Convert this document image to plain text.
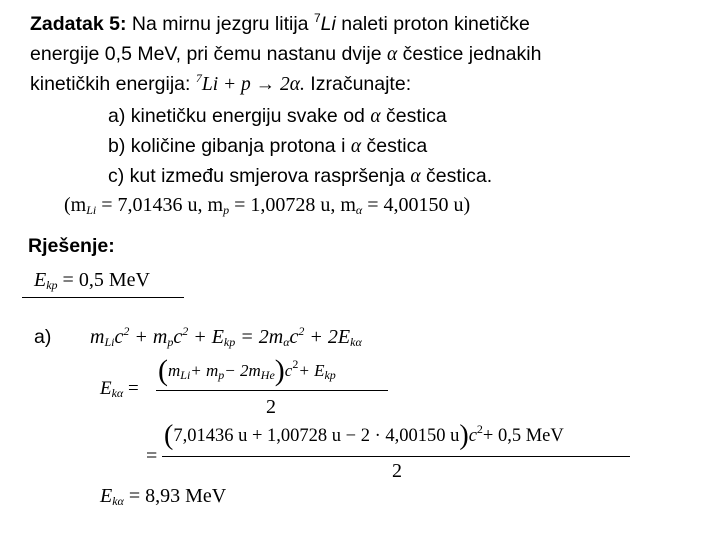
Zadatak 5: Na mirnu jezgru litija $^7$Li naleti proton kinetičke
energije 0,5 MeV, pri čemu nastanu dvije α čestice jednakih
kinetičkih energija: $^7$Li + p → 2α. Izračunajte:
a) kinetičku energiju svake od α čestica
b) količine gibanja protona i α čestica
c) kut između smjerova raspršenja α čestica.
($m_{Li} = 7,01436$ u, $m_p = 1,00728$ u, $m_\alpha = 4,00150$ u)
Rješenje:
$E_{kp} = 0,5$ MeV
a) $m_{Li}c^2 + m_pc^2 + E_{kp} = 2m_\alpha c^2 + 2E_{k\alpha}$
$E_{k\alpha}$ =
$(m_{Li}+ m_p- 2m_{He})c^2+ E_{kp}$
2
=
(7,01436 u + 1,00728 u − 2 · 4,00150 $u)c^2+ 0,5$ MeV
2
$E_{k\alpha} = 8,93$ MeV
